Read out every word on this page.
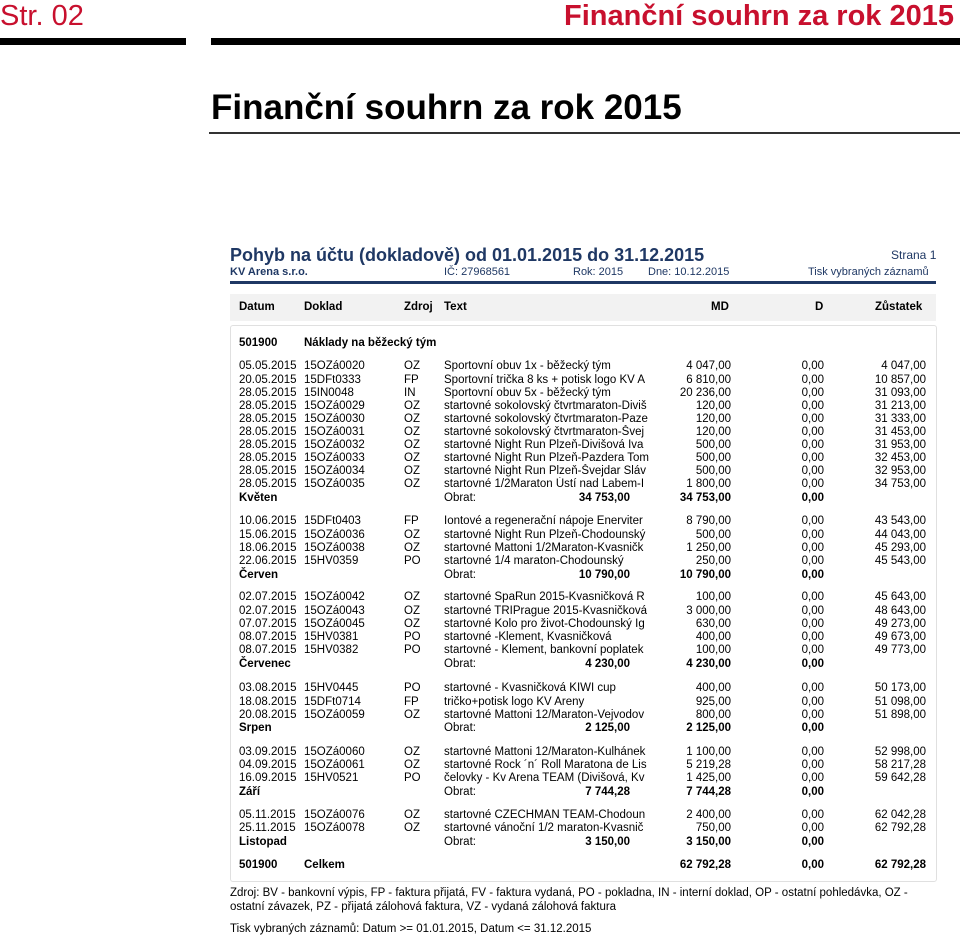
Str. 02	Finanční souhrn za rok 2015
Finanční souhrn za rok 2015
Pohyb na účtu (dokladově) od 01.01.2015 do 31.12.2015	Strana 1
KV Arena s.r.o.	IČ: 27968561	Rok: 2015 Dne: 10.12.2015	Tisk vybraných záznamů
Datum	Doklad	Zdroj Text	MD	D	Zůstatek
501900 Náklady na běžecký tým
05.05.2015 15OZá0020	OZ Sportovní obuv 1x - běžecký tým	4 047,00	0,00	4 047,00
20.05.2015 15DFt0333	FP Sportovní trička 8 ks + potisk logo KV A	6 810,00	0,00	10 857,00
28.05.2015 15IN0048	IN Sportovní obuv 5x - běžecký tým	20 236,00	0,00	31 093,00
28.05.2015 15OZá0029	OZ startovné sokolovský čtvrtmaraton-Diviš	120,00	0,00	31 213,00
28.05.2015 15OZá0030	OZ startovné sokolovský čtvrtmaraton-Paze	120,00	0,00	31 333,00
28.05.2015 15OZá0031	OZ startovné sokolovský čtvrtmaraton-Švej	120,00	0,00	31 453,00
28.05.2015 15OZá0032	OZ startovné Night Run Plzeň-Divišová Iva	500,00	0,00	31 953,00
28.05.2015 15OZá0033	OZ startovné Night Run Plzeň-Pazdera Tom	500,00	0,00	32 453,00
28.05.2015 15OZá0034	OZ startovné Night Run Plzeň-Švejdar Sláv	500,00	0,00	32 953,00
28.05.2015 15OZá0035	OZ startovné 1/2Maraton Ústí nad Labem-I	1 800,00	0,00	34 753,00
Květen	Obrat:	34 753,00	34 753,00	0,00
10.06.2015 15DFt0403	FP Iontové a regenerační nápoje Enerviter	8 790,00	0,00	43 543,00
15.06.2015 15OZá0036	OZ startovné Night Run Plzeň-Chodounský	500,00	0,00	44 043,00
18.06.2015 15OZá0038	OZ startovné Mattoni 1/2Maraton-Kvasničk	1 250,00	0,00	45 293,00
22.06.2015 15HV0359	PO startovné 1/4 maraton-Chodounský	250,00	0,00	45 543,00
Červen	Obrat:	10 790,00	10 790,00	0,00
02.07.2015 15OZá0042	OZ startovné SpaRun 2015-Kvasničková R	100,00	0,00	45 643,00
02.07.2015 15OZá0043	OZ startovné TRIPrague 2015-Kvasničková	3 000,00	0,00	48 643,00
07.07.2015 15OZá0045	OZ startovné Kolo pro život-Chodounský Ig	630,00	0,00	49 273,00
08.07.2015 15HV0381	PO startovné -Klement, Kvasničková	400,00	0,00	49 673,00
08.07.2015 15HV0382	PO startovné - Klement, bankovní poplatek	100,00	0,00	49 773,00
Červenec	Obrat:	4 230,00	4 230,00	0,00
03.08.2015 15HV0445	PO startovné - Kvasničková KIWI cup	400,00	0,00	50 173,00
18.08.2015 15DFt0714	FP tričko+potisk logo KV Areny	925,00	0,00	51 098,00
20.08.2015 15OZá0059	OZ startovné Mattoni 12/Maraton-Vejvodov	800,00	0,00	51 898,00
Srpen	Obrat:	2 125,00	2 125,00	0,00
03.09.2015 15OZá0060	OZ startovné Mattoni 12/Maraton-Kulhánek	1 100,00	0,00	52 998,00
04.09.2015 15OZá0061	OZ startovné Rock ´n´ Roll Maratona de Lis	5 219,28	0,00	58 217,28
16.09.2015 15HV0521	PO čelovky - Kv Arena TEAM (Divišová, Kv	1 425,00	0,00	59 642,28
Září	Obrat:	7 744,28	7 744,28	0,00
05.11.2015 15OZá0076	OZ startovné CZECHMAN TEAM-Chodoun	2 400,00	0,00	62 042,28
25.11.2015 15OZá0078	OZ startovné vánoční 1/2 maraton-Kvasnič	750,00	0,00	62 792,28
Listopad	Obrat:	3 150,00	3 150,00	0,00
501900 Celkem	62 792,28	0,00	62 792,28
Zdroj: BV - bankovní výpis, FP - faktura přijatá, FV - faktura vydaná, PO - pokladna, IN - interní doklad, OP - ostatní pohledávka, OZ - ostatní závazek, PZ - přijatá zálohová faktura, VZ - vydaná zálohová faktura
Tisk vybraných záznamů: Datum >= 01.01.2015, Datum <= 31.12.2015
